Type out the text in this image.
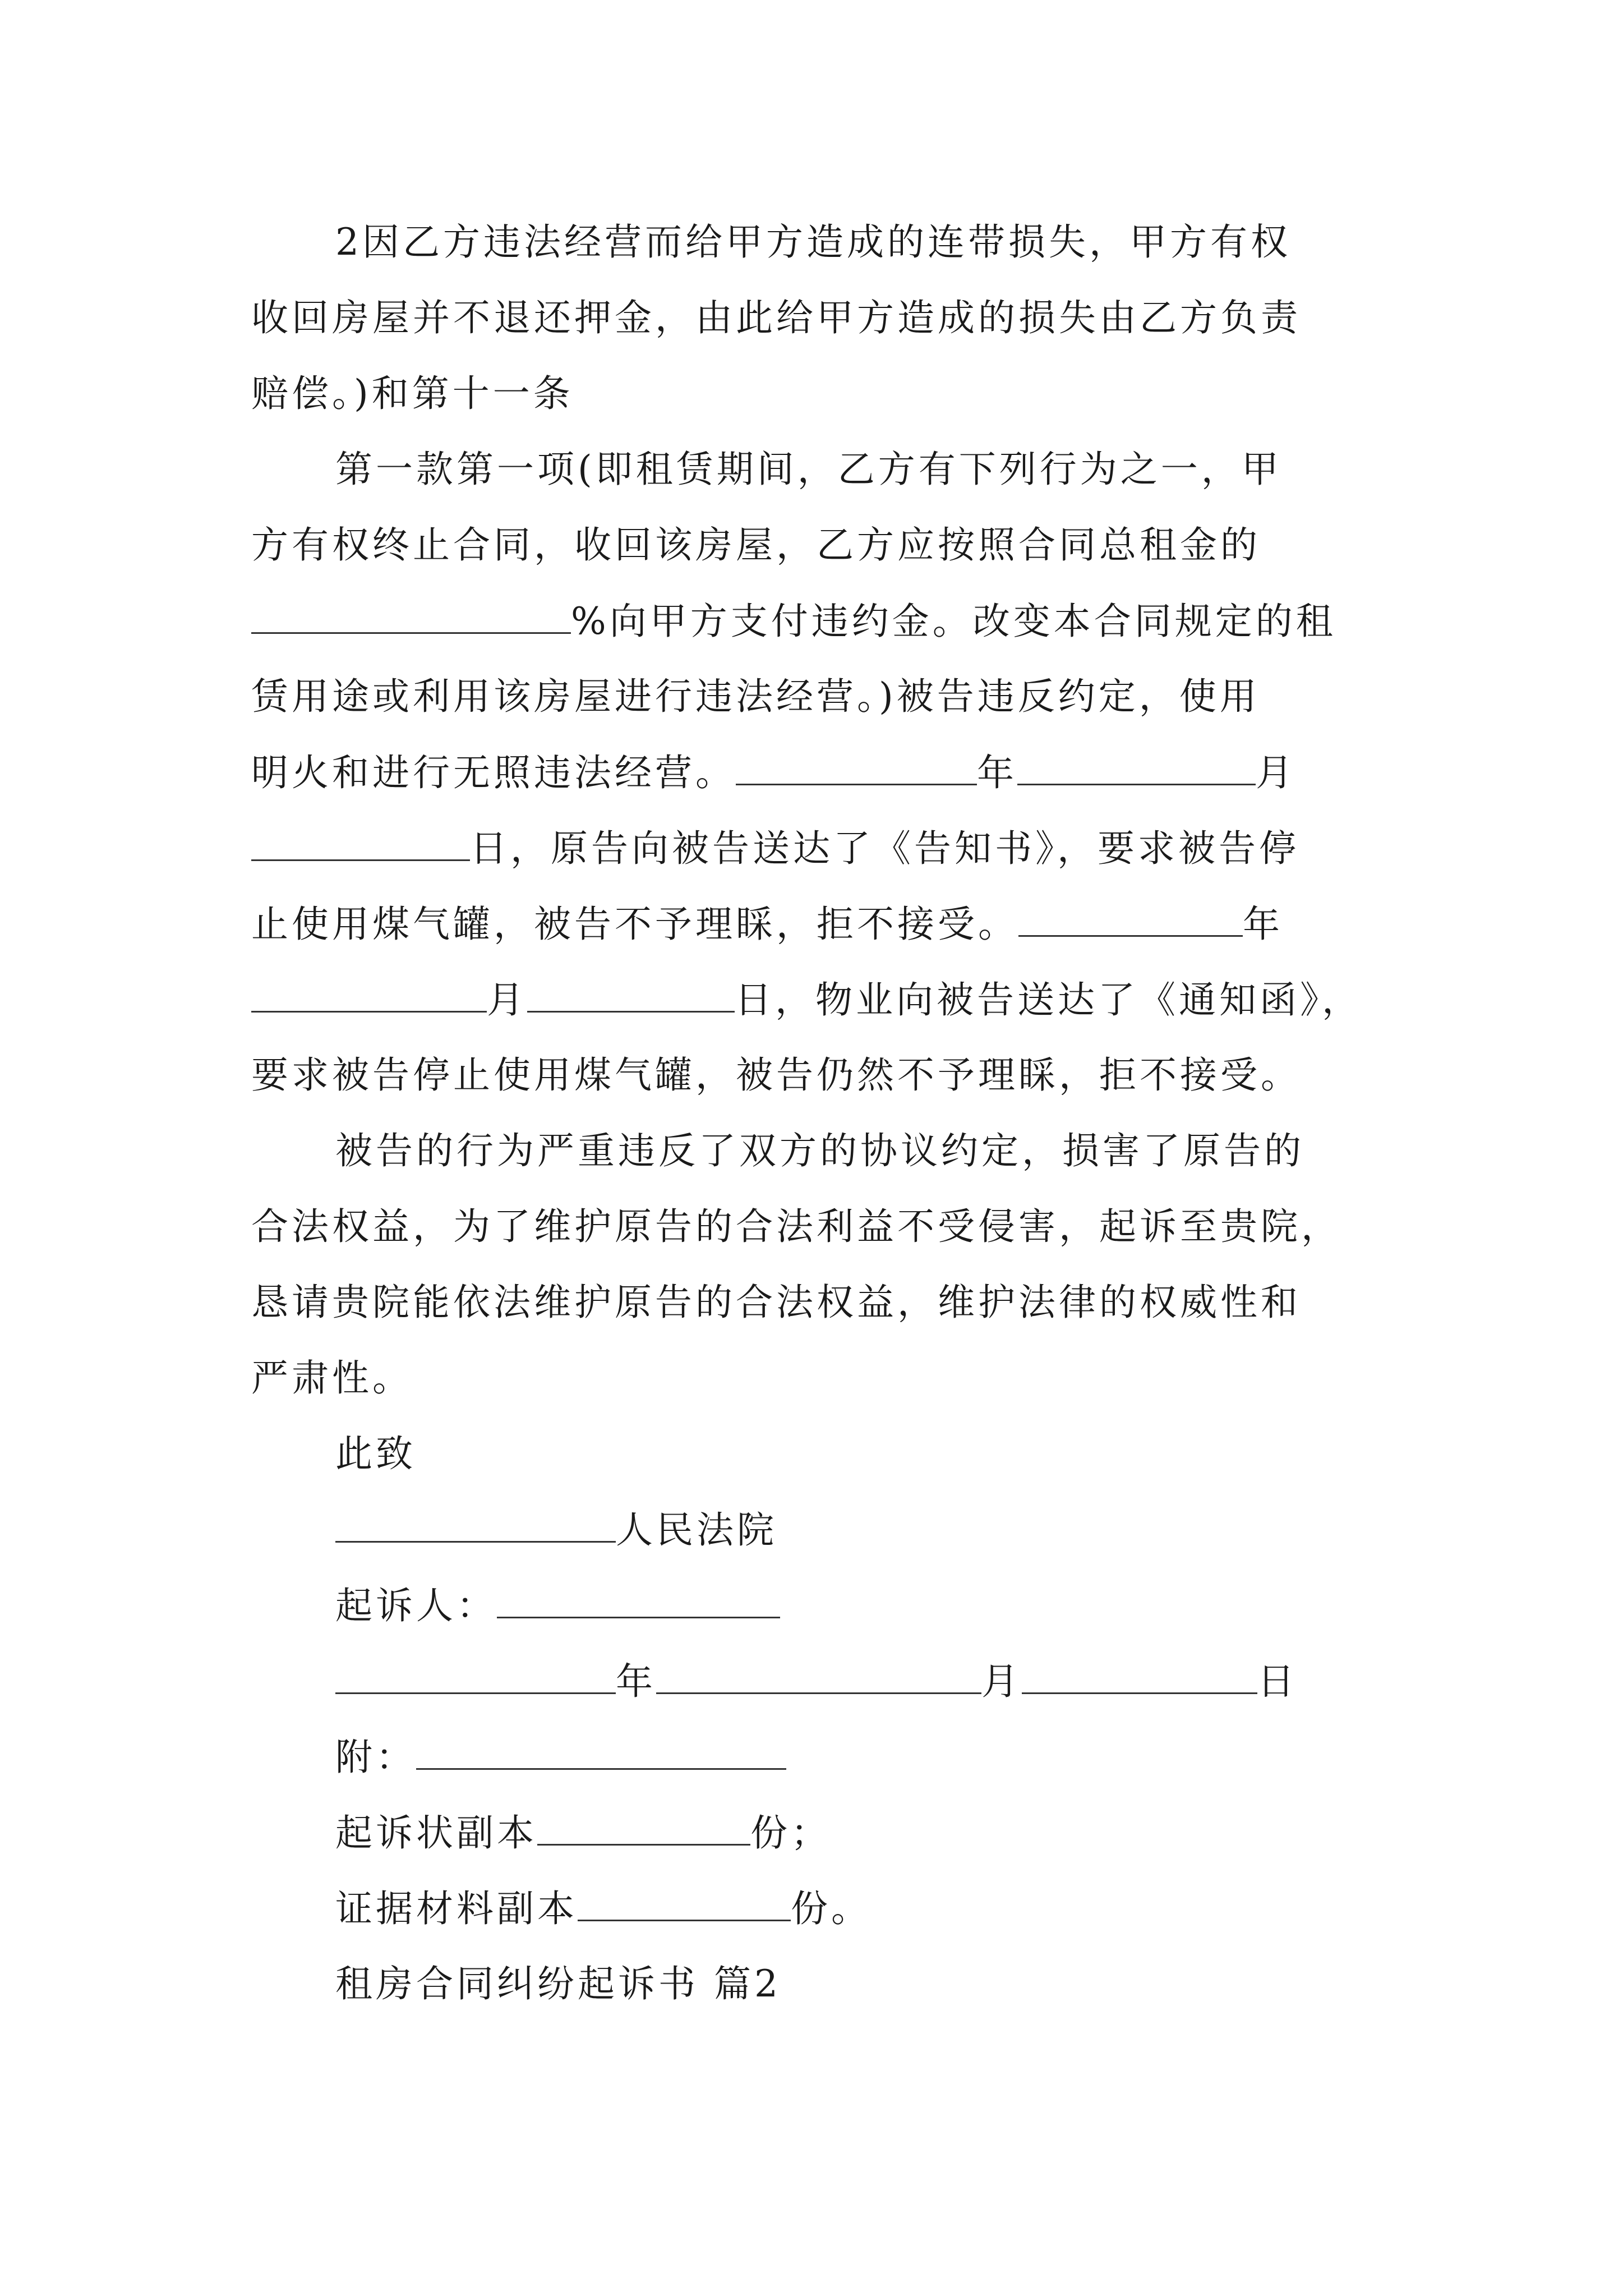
2因乙方违法经营而给甲方造成的连带损失，甲方有权
收回房屋并不退还押金，由此给甲方造成的损失由乙方负责
赔偿。)和第十一条
第一款第一项(即租赁期间，乙方有下列行为之一，甲
方有权终止合同，收回该房屋，乙方应按照合同总租金的
%向甲方支付违约金。改变本合同规定的租
赁用途或利用该房屋进行违法经营。)被告违反约定，使用
明火和进行无照违法经营。	年	月
日，原告向被告送达了《告知书》，要求被告停
止使用煤气罐，被告不予理睬，拒不接受。	年
月	日，物业向被告送达了《通知函》，
要求被告停止使用煤气罐，被告仍然不予理睬，拒不接受。
被告的行为严重违反了双方的协议约定，损害了原告的
合法权益，为了维护原告的合法利益不受侵害，起诉至贵院，
恳请贵院能依法维护原告的合法权益，维护法律的权威性和
严肃性。
此致
人民法院
起诉人：
年	月	日
附：
起诉状副本	份；
证据材料副本	份。
租房合同纠纷起诉书 篇2
